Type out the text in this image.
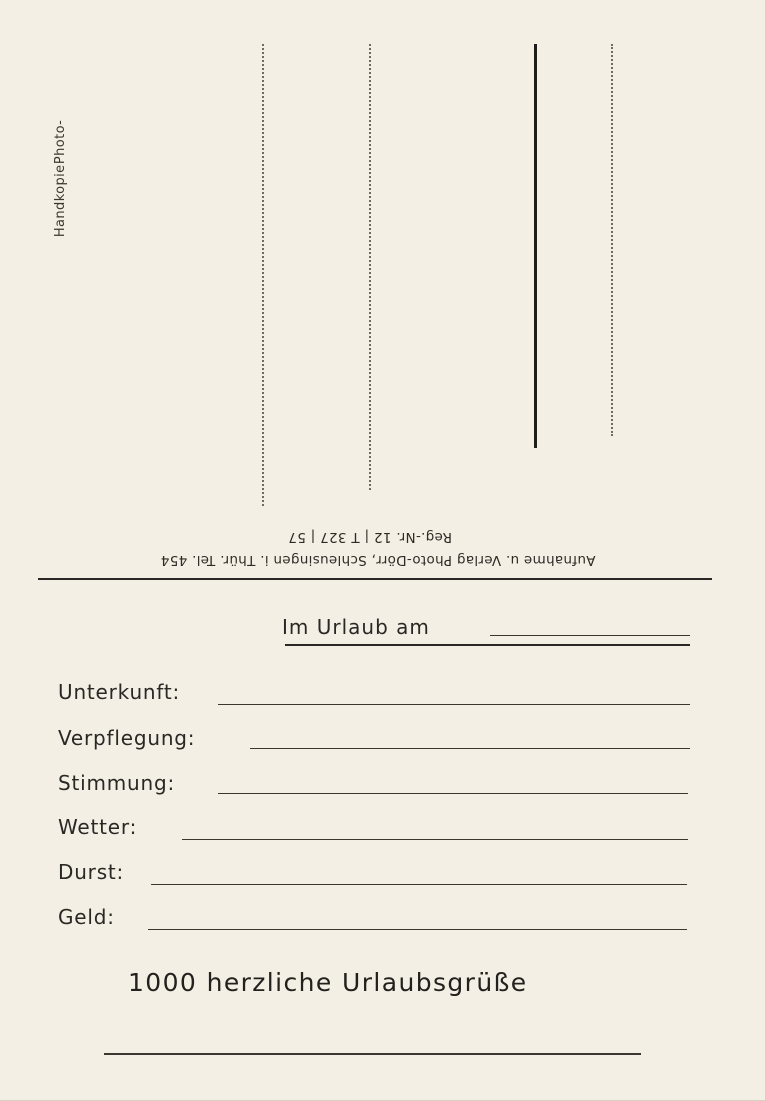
Photo-
Handkopie
Reg.-Nr. 12 | T 327 | 57
Aufnahme u. Verlag Photo-Dörr, Schleusingen i. Thür. Tel. 454
Im Urlaub am
Unterkunft:
Verpflegung:
Stimmung:
Wetter:
Durst:
Geld:
1000 herzliche Urlaubsgrüße
